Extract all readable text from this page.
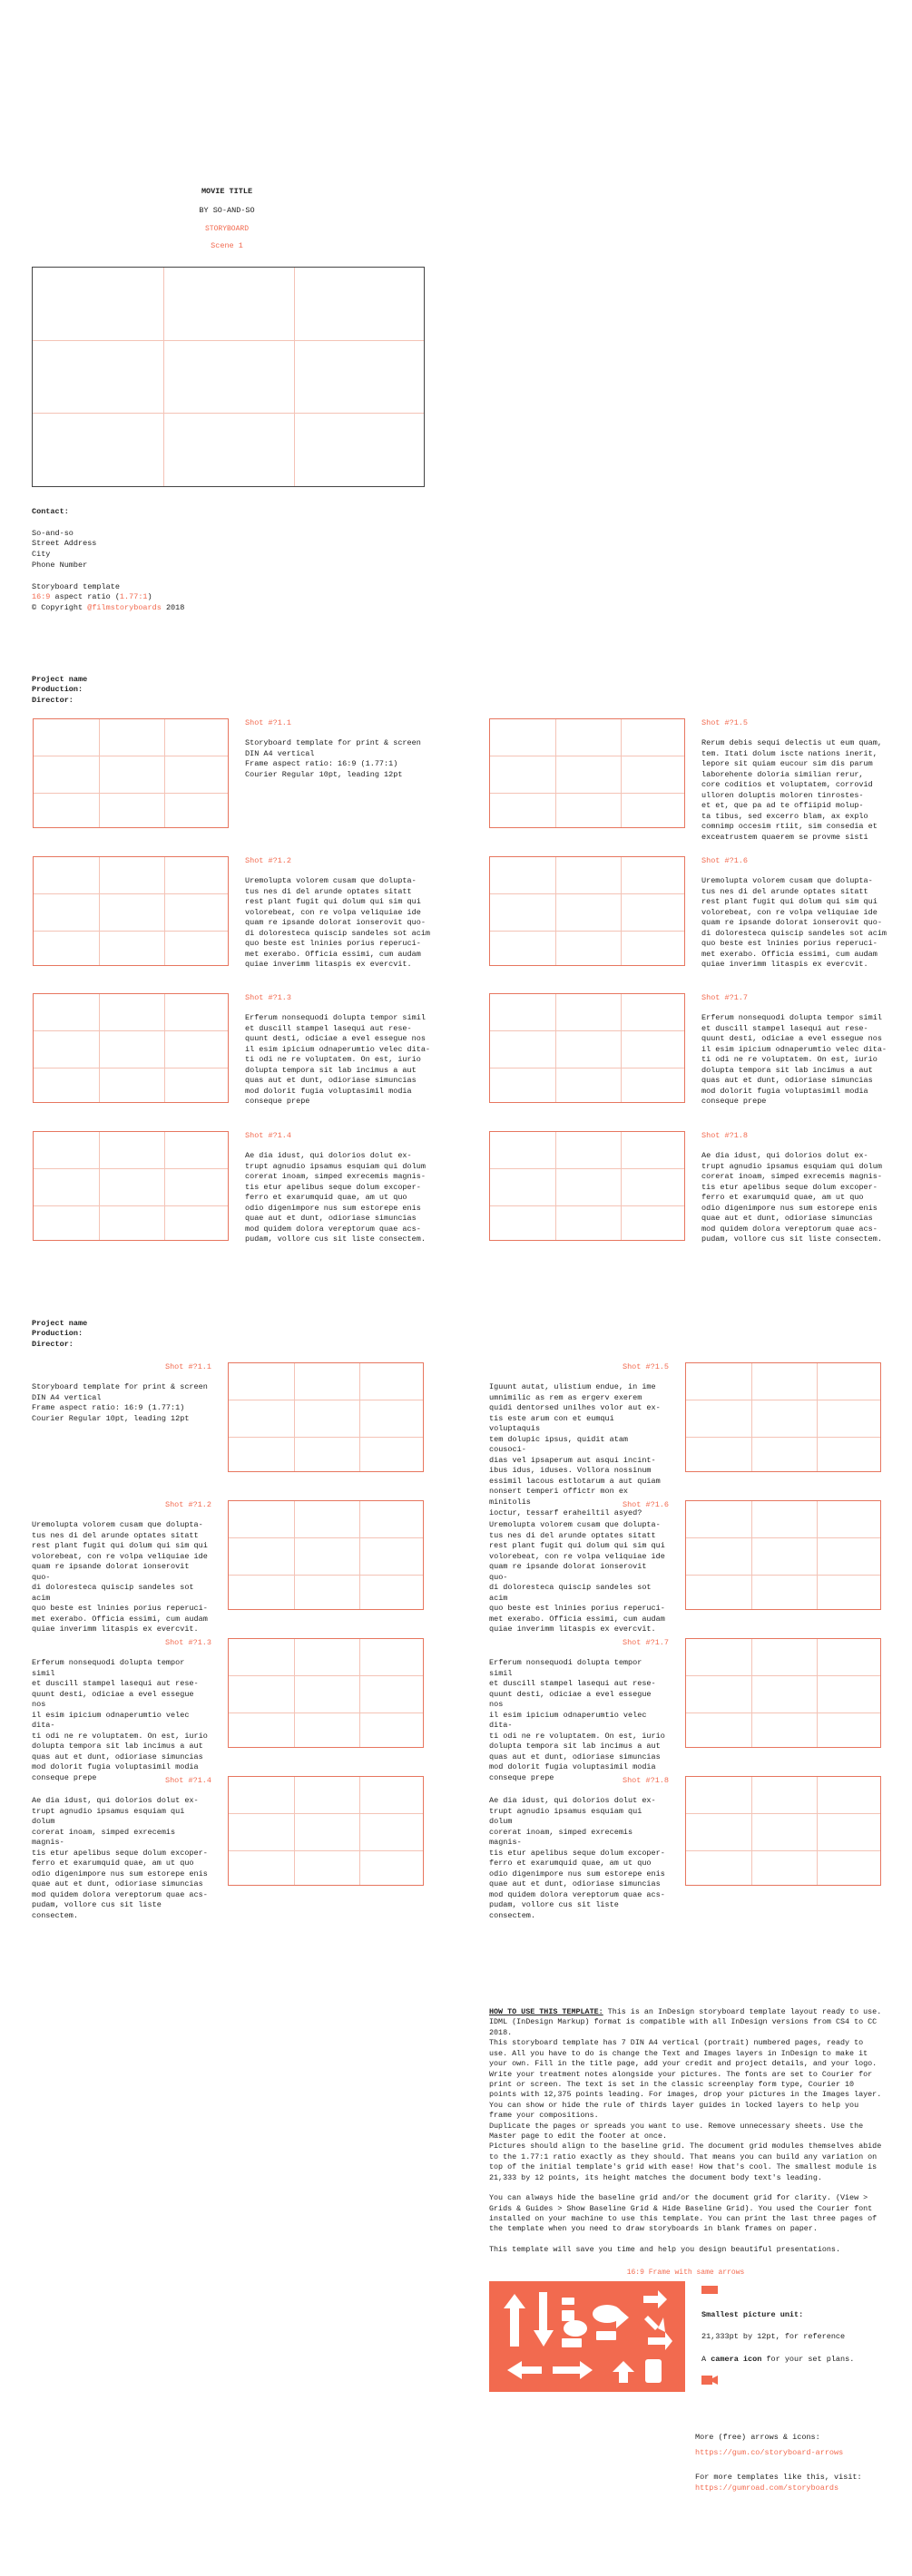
MOVIE TITLE
BY SO-AND-SO
STORYBOARD
Scene 1
Contact:
So-and-so
Street Address
City
Phone Number
Storyboard template
16:9 aspect ratio (1.77:1)
© Copyright @filmstoryboards 2018
Project name
Production:
Director:
Shot #?1.1
Storyboard template for print & screen
DIN A4 vertical
Frame aspect ratio: 16:9 (1.77:1)
Courier Regular 10pt, leading 12pt
Shot #?1.5
Rerum debis sequi delectis ut eum quam,
tem. Itati dolum iscte nations inerit,
lepore sit quiam eucour sim dis parum
laborehente doloria similian rerur,
core coditios et voluptatem, corrovid
ulloren doluptis moloren tinrostes-
et et, que pa ad te offiipid molup-
ta tibus, sed excerro blam, ax explo
comnimp occesim rtiit, sim consedia et
exceatrustem quaerem se provme sisti
Shot #?1.2
Uremolupta volorem cusam que dolupta-
tus nes di del arunde optates sitatt
rest plant fugit qui dolum qui sim qui
volorebeat, con re volpa veliquiae ide
quam re ipsande dolorat ionserovit quo-
di doloresteca quiscip sandeles sot acim
quo beste est lninies porius reperuci-
met exerabo. Officia essimi, cum audam
quiae inverimm litaspis ex evercvit.
Shot #?1.6
Uremolupta volorem cusam que dolupta-
tus nes di del arunde optates sitatt
rest plant fugit qui dolum qui sim qui
volorebeat, con re volpa veliquiae ide
quam re ipsande dolorat ionserovit quo-
di doloresteca quiscip sandeles sot acim
quo beste est lninies porius reperuci-
met exerabo. Officia essimi, cum audam
quiae inverimm litaspis ex evercvit.
Shot #?1.3
Erferum nonsequodi dolupta tempor simil
et duscill stampel lasequi aut rese-
quunt desti, odiciae a evel essegue nos
il esim ipicium odnaperumtio velec dita-
ti odi ne re voluptatem. On est, iurio
dolupta tempora sit lab incimus a aut
quas aut et dunt, odioriase simuncias
mod dolorit fugia voluptasimil modia
conseque prepe
Shot #?1.7
Erferum nonsequodi dolupta tempor simil
et duscill stampel lasequi aut rese-
quunt desti, odiciae a evel essegue nos
il esim ipicium odnaperumtio velec dita-
ti odi ne re voluptatem. On est, iurio
dolupta tempora sit lab incimus a aut
quas aut et dunt, odioriase simuncias
mod dolorit fugia voluptasimil modia
conseque prepe
Shot #?1.4
Ae dia idust, qui dolorios dolut ex-
trupt agnudio ipsamus esquiam qui dolum
corerat inoam, simped exrecemis magnis-
tis etur apelibus seque dolum excoper-
ferro et exarumquid quae, am ut quo
odio digenimpore nus sum estorepe enis
quae aut et dunt, odioriase simuncias
mod quidem dolora vereptorum quae acs-
pudam, vollore cus sit liste consectem.
Shot #?1.8
Ae dia idust, qui dolorios dolut ex-
trupt agnudio ipsamus esquiam qui dolum
corerat inoam, simped exrecemis magnis-
tis etur apelibus seque dolum excoper-
ferro et exarumquid quae, am ut quo
odio digenimpore nus sum estorepe enis
quae aut et dunt, odioriase simuncias
mod quidem dolora vereptorum quae acs-
pudam, vollore cus sit liste consectem.
Project name
Production:
Director:
Shot #?1.1
Storyboard template for print & screen
DIN A4 vertical
Frame aspect ratio: 16:9 (1.77:1)
Courier Regular 10pt, leading 12pt
Shot #?1.5
Iguunt autat, ulistium endue, in ime
umnimilic as rem as ergerv exerem
quidi dentorsed unilhes volor aut ex-
tis este arum con et eumqui voluptaquis
tem dolupic ipsus, quidit atam cousoci-
dias vel ipsaperum aut asqui incint-
ibus idus, iduses. Vollora nossinum
essimil lacous estlotarum a aut quiam
nonsert temperi offictr mon ex minitolis
ioctur, tessarf eraheiltil asyed?
Shot #?1.2
Uremolupta volorem cusam que dolupta-
tus nes di del arunde optates sitatt
rest plant fugit qui dolum qui sim qui
volorebeat, con re volpa veliquiae ide
quam re ipsande dolorat ionserovit quo-
di doloresteca quiscip sandeles sot acim
quo beste est lninies porius reperuci-
met exerabo. Officia essimi, cum audam
quiae inverimm litaspis ex evercvit.
Shot #?1.6
Uremolupta volorem cusam que dolupta-
tus nes di del arunde optates sitatt
rest plant fugit qui dolum qui sim qui
volorebeat, con re volpa veliquiae ide
quam re ipsande dolorat ionserovit quo-
di doloresteca quiscip sandeles sot acim
quo beste est lninies porius reperuci-
met exerabo. Officia essimi, cum audam
quiae inverimm litaspis ex evercvit.
Shot #?1.3
Erferum nonsequodi dolupta tempor simil
et duscill stampel lasequi aut rese-
quunt desti, odiciae a evel essegue nos
il esim ipicium odnaperumtio velec dita-
ti odi ne re voluptatem. On est, iurio
dolupta tempora sit lab incimus a aut
quas aut et dunt, odioriase simuncias
mod dolorit fugia voluptasimil modia
conseque prepe
Shot #?1.7
Erferum nonsequodi dolupta tempor simil
et duscill stampel lasequi aut rese-
quunt desti, odiciae a evel essegue nos
il esim ipicium odnaperumtio velec dita-
ti odi ne re voluptatem. On est, iurio
dolupta tempora sit lab incimus a aut
quas aut et dunt, odioriase simuncias
mod dolorit fugia voluptasimil modia
conseque prepe
Shot #?1.4
Ae dia idust, qui dolorios dolut ex-
trupt agnudio ipsamus esquiam qui dolum
corerat inoam, simped exrecemis magnis-
tis etur apelibus seque dolum excoper-
ferro et exarumquid quae, am ut quo
odio digenimpore nus sum estorepe enis
quae aut et dunt, odioriase simuncias
mod quidem dolora vereptorum quae acs-
pudam, vollore cus sit liste consectem.
Shot #?1.8
Ae dia idust, qui dolorios dolut ex-
trupt agnudio ipsamus esquiam qui dolum
corerat inoam, simped exrecemis magnis-
tis etur apelibus seque dolum excoper-
ferro et exarumquid quae, am ut quo
odio digenimpore nus sum estorepe enis
quae aut et dunt, odioriase simuncias
mod quidem dolora vereptorum quae acs-
pudam, vollore cus sit liste consectem.

HOW TO USE THIS TEMPLATE: This is an InDesign storyboard template layout ready to use. IDML (InDesign Markup) format is compatible with all InDesign versions from CS4 to CC 2018.

This storyboard template has 7 DIN A4 vertical (portrait) numbered pages, ready to use. All you have to do is change the Text and Images layers in InDesign to make it your own. Fill in the title page, add your credit and project details, and your logo. Write your treatment notes alongside your pictures. The fonts are set to Courier for print or screen. The text is set in the classic screenplay form type, Courier 10 points with 12,375 points leading. For images, drop your pictures in the Images layer. You can show or hide the rule of thirds layer guides in locked layers to help you frame your compositions.

Duplicate the pages or spreads you want to use. Remove unnecessary sheets. Use the Master page to edit the footer at once.

Pictures should align to the baseline grid. The document grid modules themselves abide to the 1.77:1 ratio exactly as they should. That means you can build any variation on top of the initial template's grid with ease! How that's cool. The smallest module is 21,333 by 12 points, its height matches the document body text's leading.

You can always hide the baseline grid and/or the document grid for clarity. (View > Grids & Guides > Show Baseline Grid & Hide Baseline Grid). You used the Courier font installed on your machine to use this template. You can print the last three pages of the template when you need to draw storyboards in blank frames on paper.

This template will save you time and help you design beautiful presentations.

16:9 Frame with same arrows
Smallest picture unit:
21,333pt by 12pt, for reference
A camera icon for your set plans.
More (free) arrows & icons:
https://gum.co/storyboard-arrows
For more templates like this, visit:
https://gumroad.com/storyboards
